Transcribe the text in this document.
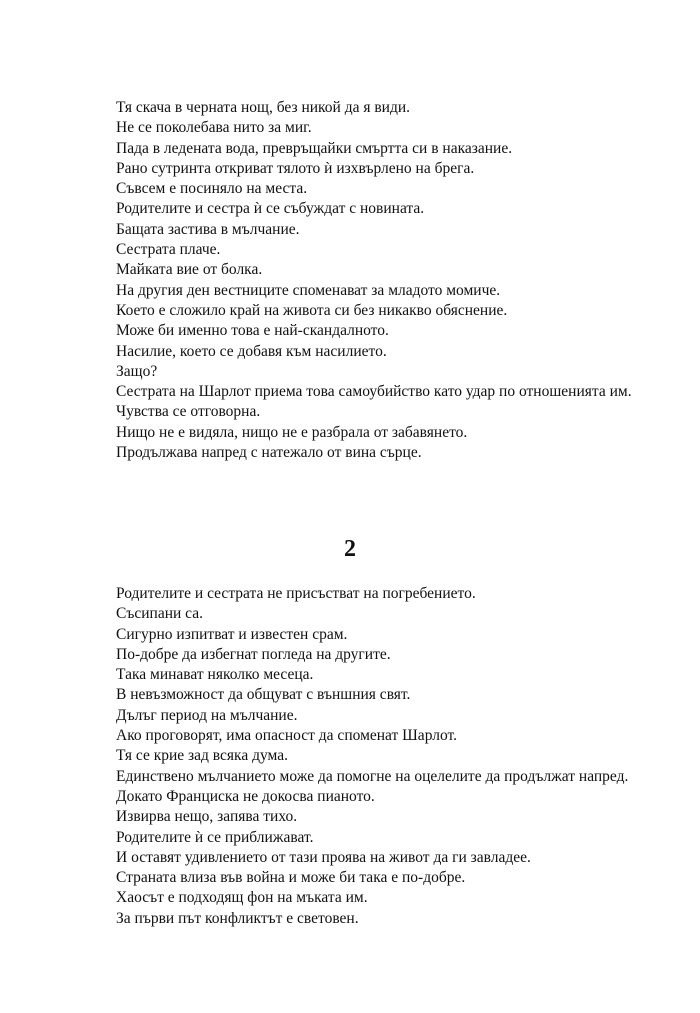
Тя скача в черната нощ, без никой да я види.
Не се поколебава нито за миг.
Пада в ледената вода, превръщайки смъртта си в наказание.
Рано сутринта откриват тялото ѝ изхвърлено на брега.
Съвсем е посиняло на места.
Родителите и сестра ѝ се събуждат с новината.
Бащата застива в мълчание.
Сестрата плаче.
Майката вие от болка.
На другия ден вестниците споменават за младото момиче.
Което е сложило край на живота си без никакво обяснение.
Може би именно това е най-скандалното.
Насилие, което се добавя към насилието.
Защо?
Сестрата на Шарлот приема това самоубийство като удар по отношенията им.
Чувства се отговорна.
Нищо не е видяла, нищо не е разбрала от забавянето.
Продължава напред с натежало от вина сърце.
2
Родителите и сестрата не присъстват на погребението.
Съсипани са.
Сигурно изпитват и известен срам.
По-добре да избегнат погледа на другите.
Така минават няколко месеца.
В невъзможност да общуват с външния свят.
Дълъг период на мълчание.
Ако проговорят, има опасност да споменат Шарлот.
Тя се крие зад всяка дума.
Единствено мълчанието може да помогне на оцелелите да продължат напред.
Докато Франциска не докосва пианото.
Извирва нещо, запява тихо.
Родителите ѝ се приближават.
И оставят удивлението от тази проява на живот да ги завладее.
Страната влиза във война и може би така е по-добре.
Хаосът е подходящ фон на мъката им.
За първи път конфликтът е световен.
